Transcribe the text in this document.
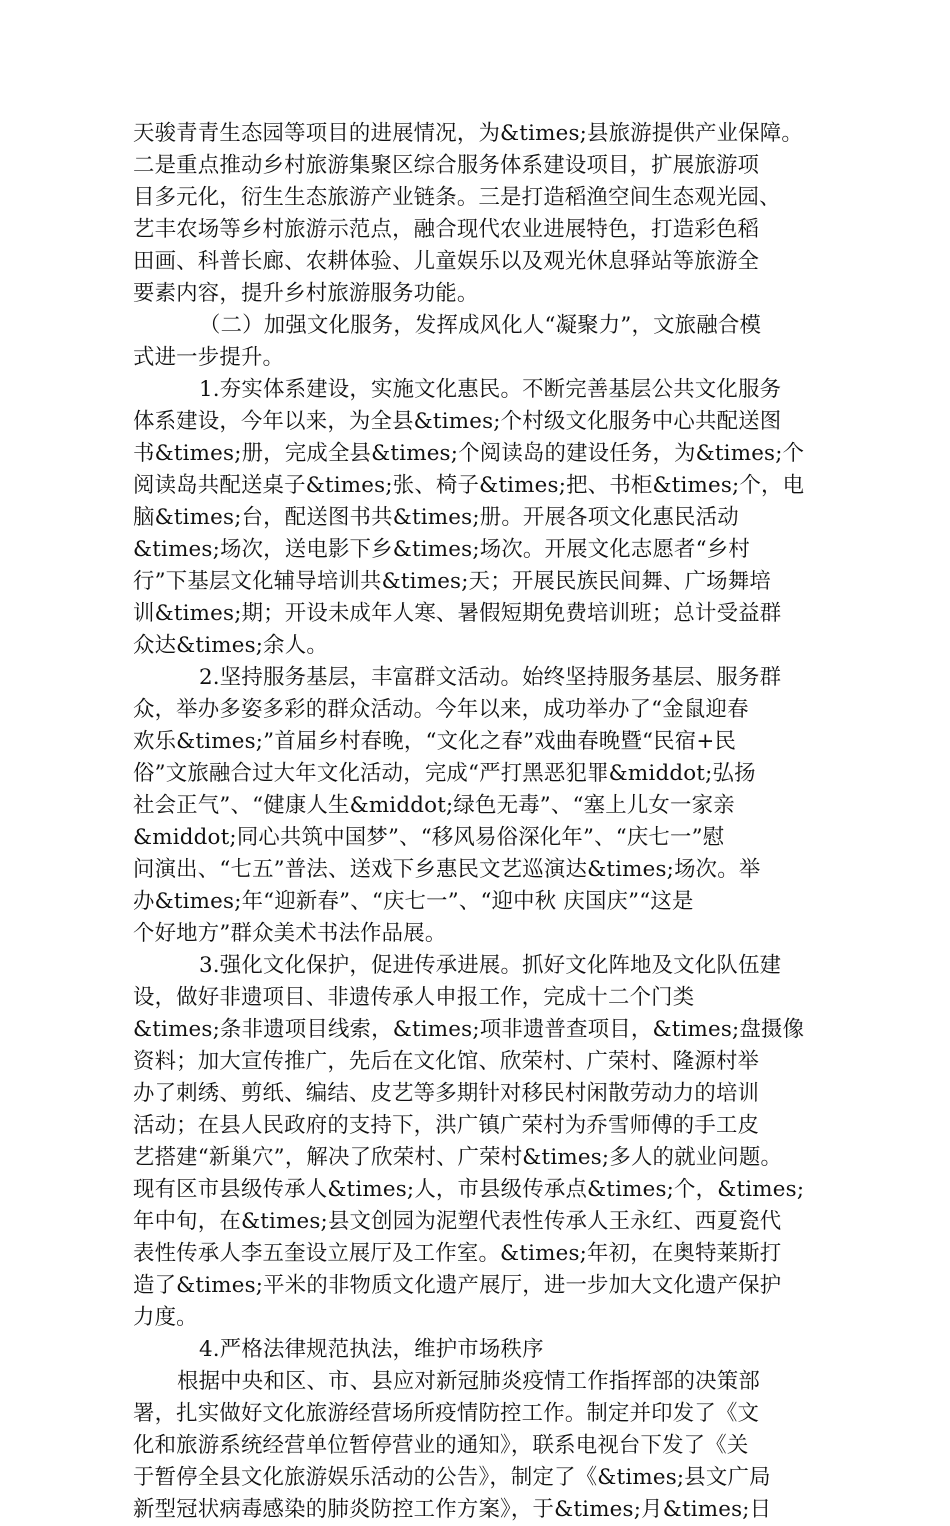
天骏青青生态园等项目的进展情况，为&times;县旅游提供产业保障。
二是重点推动乡村旅游集聚区综合服务体系建设项目，扩展旅游项
目多元化，衍生生态旅游产业链条。三是打造稻渔空间生态观光园、
艺丰农场等乡村旅游示范点，融合现代农业进展特色，打造彩色稻
田画、科普长廊、农耕体验、儿童娱乐以及观光休息驿站等旅游全
要素内容，提升乡村旅游服务功能。
（二）加强文化服务，发挥成风化人“凝聚力”，文旅融合模
式进一步提升。
1.夯实体系建设，实施文化惠民。不断完善基层公共文化服务
体系建设，今年以来，为全县&times;个村级文化服务中心共配送图
书&times;册，完成全县&times;个阅读岛的建设任务，为&times;个
阅读岛共配送桌子&times;张、椅子&times;把、书柜&times;个，电
脑&times;台，配送图书共&times;册。开展各项文化惠民活动
&times;场次，送电影下乡&times;场次。开展文化志愿者“乡村
行”下基层文化辅导培训共&times;天；开展民族民间舞、广场舞培
训&times;期；开设未成年人寒、暑假短期免费培训班；总计受益群
众达&times;余人。
2.坚持服务基层，丰富群文活动。始终坚持服务基层、服务群
众，举办多姿多彩的群众活动。今年以来，成功举办了“金鼠迎春
欢乐&times;”首届乡村春晚，“文化之春”戏曲春晚暨“民宿+民
俗”文旅融合过大年文化活动，完成“严打黑恶犯罪&middot;弘扬
社会正气”、“健康人生&middot;绿色无毒”、“塞上儿女一家亲
&middot;同心共筑中国梦”、“移风易俗深化年”、“庆七一”慰
问演出、“七五”普法、送戏下乡惠民文艺巡演达&times;场次。举
办&times;年“迎新春”、“庆七一”、“迎中秋 庆国庆”“这是
个好地方”群众美术书法作品展。
3.强化文化保护，促进传承进展。抓好文化阵地及文化队伍建
设，做好非遗项目、非遗传承人申报工作，完成十二个门类
&times;条非遗项目线索，&times;项非遗普查项目，&times;盘摄像
资料；加大宣传推广，先后在文化馆、欣荣村、广荣村、隆源村举
办了刺绣、剪纸、编结、皮艺等多期针对移民村闲散劳动力的培训
活动；在县人民政府的支持下，洪广镇广荣村为乔雪师傅的手工皮
艺搭建“新巢穴”，解决了欣荣村、广荣村&times;多人的就业问题。
现有区市县级传承人&times;人，市县级传承点&times;个，&times;
年中旬，在&times;县文创园为泥塑代表性传承人王永红、西夏瓷代
表性传承人李五奎设立展厅及工作室。&times;年初，在奥特莱斯打
造了&times;平米的非物质文化遗产展厅，进一步加大文化遗产保护
力度。
4.严格法律规范执法，维护市场秩序
根据中央和区、市、县应对新冠肺炎疫情工作指挥部的决策部
署，扎实做好文化旅游经营场所疫情防控工作。制定并印发了《文
化和旅游系统经营单位暂停营业的通知》，联系电视台下发了《关
于暂停全县文化旅游娱乐活动的公告》，制定了《&times;县文广局
新型冠状病毒感染的肺炎防控工作方案》，于&times;月&times;日
